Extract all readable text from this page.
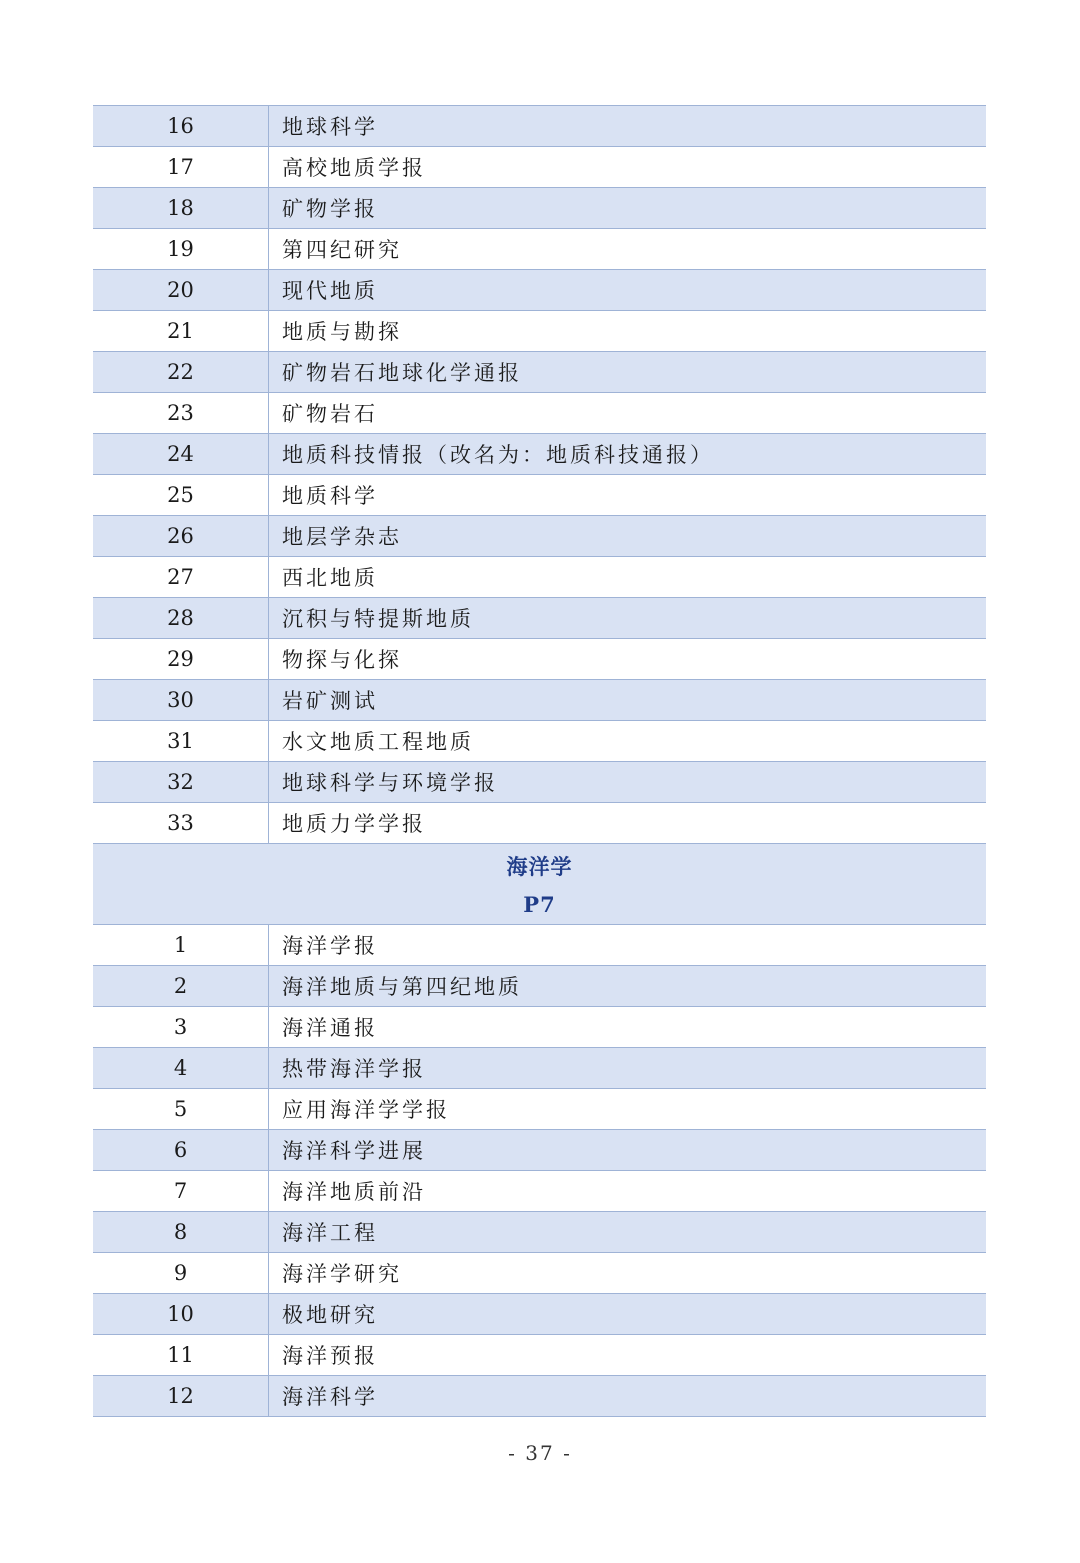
16	地球科学
17	高校地质学报
18	矿物学报
19	第四纪研究
20	现代地质
21	地质与勘探
22	矿物岩石地球化学通报
23	矿物岩石
24	地质科技情报（改名为：地质科技通报）
25	地质科学
26	地层学杂志
27	西北地质
28	沉积与特提斯地质
29	物探与化探
30	岩矿测试
31	水文地质工程地质
32	地球科学与环境学报
33	地质力学学报
海洋学
P7
1	海洋学报
2	海洋地质与第四纪地质
3	海洋通报
4	热带海洋学报
5	应用海洋学学报
6	海洋科学进展
7	海洋地质前沿
8	海洋工程
9	海洋学研究
10	极地研究
11	海洋预报
12	海洋科学
- 37 -
